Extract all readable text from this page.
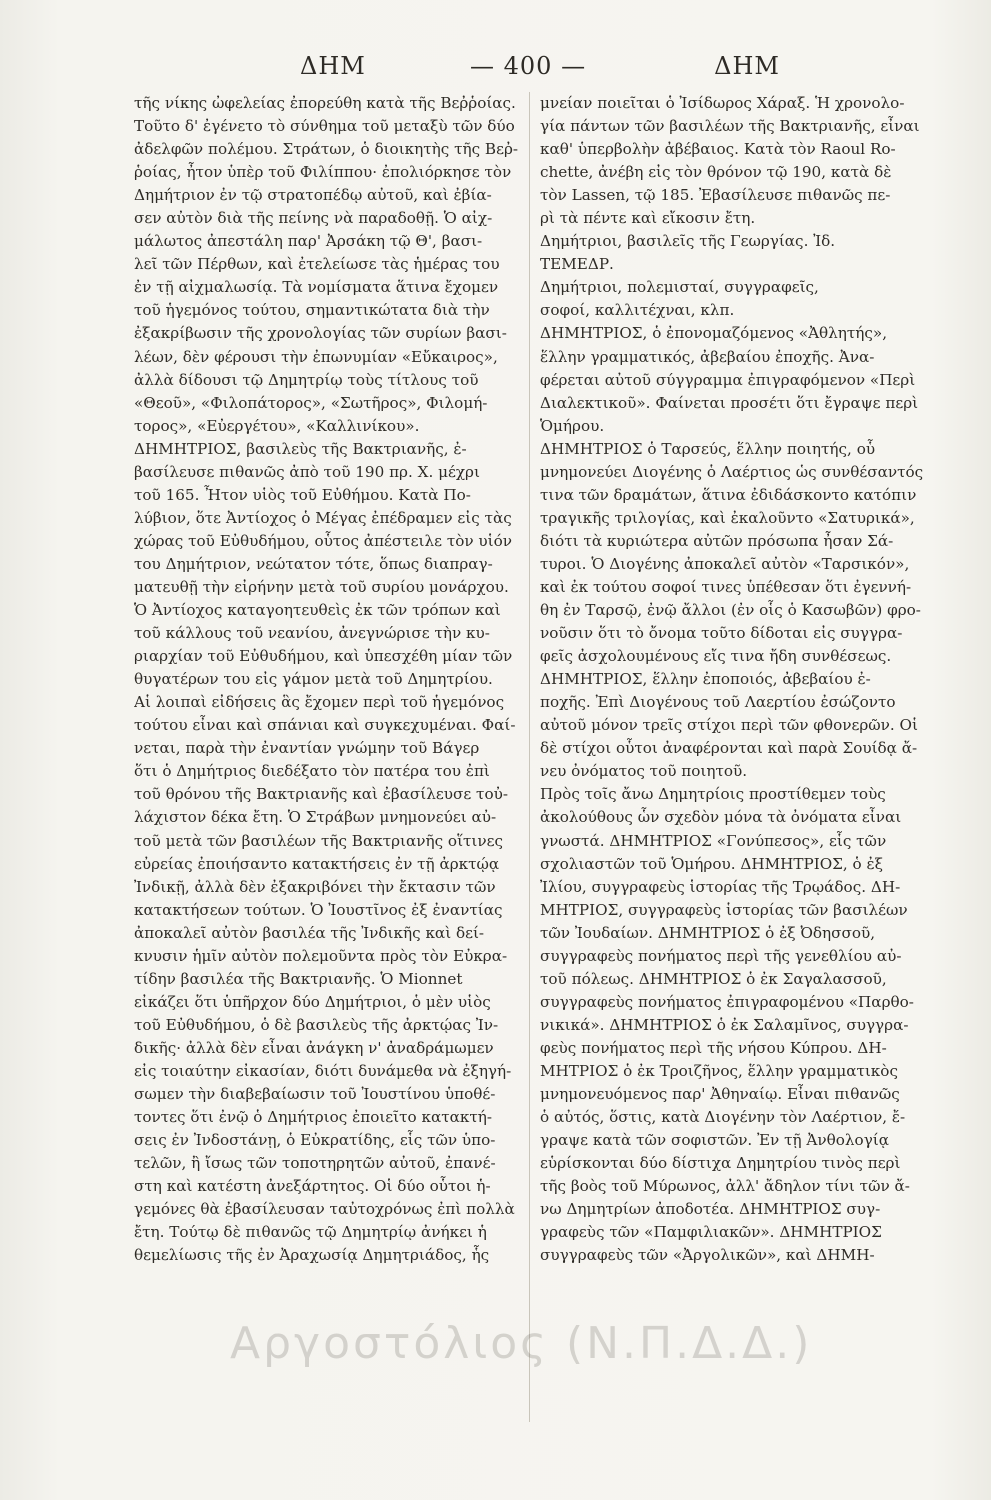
ΔΗΜ	— 400 —	ΔΗΜ
τῆς νίκης ὠφελείας ἐπορεύθη κατὰ τῆς Βεῤῥοίας.
Τοῦτο δ' ἐγένετο τὸ σύνθημα τοῦ μεταξὺ τῶν δύο
ἀδελφῶν πολέμου. Στράτων, ὁ διοικητὴς τῆς Βεῤ-
ῥοίας, ἦτον ὑπὲρ τοῦ Φιλίππου· ἐπολιόρκησε τὸν
Δημήτριον ἐν τῷ στρατοπέδῳ αὐτοῦ, καὶ ἐβία-
σεν αὐτὸν διὰ τῆς πείνης νὰ παραδοθῇ. Ὁ αἰχ-
μάλωτος ἀπεστάλη παρ' Ἀρσάκη τῷ Θ', βασι-
λεῖ τῶν Πέρθων, καὶ ἐτελείωσε τὰς ἡμέρας του
ἐν τῇ αἰχμαλωσίᾳ. Τὰ νομίσματα ἅτινα ἔχομεν
τοῦ ἡγεμόνος τούτου, σημαντικώτατα διὰ τὴν
ἐξακρίβωσιν τῆς χρονολογίας τῶν συρίων βασι-
λέων, δὲν φέρουσι τὴν ἐπωνυμίαν «Εὔκαιρος»,
ἀλλὰ δίδουσι τῷ Δημητρίῳ τοὺς τίτλους τοῦ
«Θεοῦ», «Φιλοπάτορος», «Σωτῆρος», Φιλομή-
τορος», «Εὐεργέτου», «Καλλινίκου».
ΔΗΜΗΤΡΙΟΣ, βασιλεὺς τῆς Βακτριανῆς, ἐ-
βασίλευσε πιθανῶς ἀπὸ τοῦ 190 πρ. Χ. μέχρι
τοῦ 165. Ἦτον υἱὸς τοῦ Εὐθήμου. Κατὰ Πο-
λύβιον, ὅτε Ἀντίοχος ὁ Μέγας ἐπέδραμεν εἰς τὰς
χώρας τοῦ Εὐθυδήμου, οὗτος ἀπέστειλε τὸν υἱόν
του Δημήτριον, νεώτατον τότε, ὅπως διαπραγ-
ματευθῇ τὴν εἰρήνην μετὰ τοῦ συρίου μονάρχου.
Ὁ Ἀντίοχος καταγοητευθεὶς ἐκ τῶν τρόπων καὶ
τοῦ κάλλους τοῦ νεανίου, ἀνεγνώρισε τὴν κυ-
ριαρχίαν τοῦ Εὐθυδήμου, καὶ ὑπεσχέθη μίαν τῶν
θυγατέρων του εἰς γάμον μετὰ τοῦ Δημητρίου.
Αἱ λοιπαὶ εἰδήσεις ἃς ἔχομεν περὶ τοῦ ἡγεμόνος
τούτου εἶναι καὶ σπάνιαι καὶ συγκεχυμέναι. Φαί-
νεται, παρὰ τὴν ἐναντίαν γνώμην τοῦ Βάγερ
ὅτι ὁ Δημήτριος διεδέξατο τὸν πατέρα του ἐπὶ
τοῦ θρόνου τῆς Βακτριανῆς καὶ ἐβασίλευσε τοὐ-
λάχιστον δέκα ἔτη. Ὁ Στράβων μνημονεύει αὐ-
τοῦ μετὰ τῶν βασιλέων τῆς Βακτριανῆς οἵτινες
εὐρείας ἐποιήσαντο κατακτήσεις ἐν τῇ ἀρκτῴᾳ
Ἰνδικῇ, ἀλλὰ δὲν ἐξακριβόνει τὴν ἔκτασιν τῶν
κατακτήσεων τούτων. Ὁ Ἰουστῖνος ἐξ ἐναντίας
ἀποκαλεῖ αὐτὸν βασιλέα τῆς Ἰνδικῆς καὶ δεί-
κνυσιν ἡμῖν αὐτὸν πολεμοῦντα πρὸς τὸν Εὐκρα-
τίδην βασιλέα τῆς Βακτριανῆς. Ὁ Mionnet
εἰκάζει ὅτι ὑπῆρχον δύο Δημήτριοι, ὁ μὲν υἱὸς
τοῦ Εὐθυδήμου, ὁ δὲ βασιλεὺς τῆς ἀρκτῴας Ἰν-
δικῆς· ἀλλὰ δὲν εἶναι ἀνάγκη ν' ἀναδράμωμεν
εἰς τοιαύτην εἰκασίαν, διότι δυνάμεθα νὰ ἐξηγή-
σωμεν τὴν διαβεβαίωσιν τοῦ Ἰουστίνου ὑποθέ-
τοντες ὅτι ἐνῷ ὁ Δημήτριος ἐποιεῖτο κατακτή-
σεις ἐν Ἰνδοστάνῃ, ὁ Εὐκρατίδης, εἷς τῶν ὑπο-
τελῶν, ἢ ἴσως τῶν τοποτηρητῶν αὐτοῦ, ἐπανέ-
στη καὶ κατέστη ἀνεξάρτητος. Οἱ δύο οὗτοι ἡ-
γεμόνες θὰ ἐβασίλευσαν ταὐτοχρόνως ἐπὶ πολλὰ
ἔτη. Τούτῳ δὲ πιθανῶς τῷ Δημητρίῳ ἀνήκει ἡ
θεμελίωσις τῆς ἐν Ἀραχωσίᾳ Δημητριάδος, ἧς
μνείαν ποιεῖται ὁ Ἰσίδωρος Χάραξ. Ἡ χρονολο-
γία πάντων τῶν βασιλέων τῆς Βακτριανῆς, εἶναι
καθ' ὑπερβολὴν ἀβέβαιος. Κατὰ τὸν Raoul Ro-
chette, ἀνέβη εἰς τὸν θρόνον τῷ 190, κατὰ δὲ
τὸν Lassen, τῷ 185. Ἐβασίλευσε πιθανῶς πε-
ρὶ τὰ πέντε καὶ εἴκοσιν ἔτη.
Δημήτριοι, βασιλεῖς τῆς Γεωργίας. Ἰδ.
ΤΕΜΕΔΡ.
Δημήτριοι, πολεμισταί, συγγραφεῖς,
σοφοί, καλλιτέχναι, κλπ.
ΔΗΜΗΤΡΙΟΣ, ὁ ἐπονομαζόμενος «Ἀθλητής»,
ἕλλην γραμματικός, ἀβεβαίου ἐποχῆς. Ἀνα-
φέρεται αὐτοῦ σύγγραμμα ἐπιγραφόμενον «Περὶ
Διαλεκτικοῦ». Φαίνεται προσέτι ὅτι ἔγραψε περὶ
Ὁμήρου.
ΔΗΜΗΤΡΙΟΣ ὁ Ταρσεύς, ἕλλην ποιητής, οὗ
μνημονεύει Διογένης ὁ Λαέρτιος ὡς συνθέσαντός
τινα τῶν δραμάτων, ἅτινα ἐδιδάσκοντο κατόπιν
τραγικῆς τριλογίας, καὶ ἐκαλοῦντο «Σατυρικά»,
διότι τὰ κυριώτερα αὐτῶν πρόσωπα ἦσαν Σά-
τυροι. Ὁ Διογένης ἀποκαλεῖ αὐτὸν «Ταρσικόν»,
καὶ ἐκ τούτου σοφοί τινες ὑπέθεσαν ὅτι ἐγεννή-
θη ἐν Ταρσῷ, ἐνῷ ἄλλοι (ἐν οἷς ὁ Κασωβῶν) φρο-
νοῦσιν ὅτι τὸ ὄνομα τοῦτο δίδοται εἰς συγγρα-
φεῖς ἀσχολουμένους εἴς τινα ἤδη συνθέσεως.
ΔΗΜΗΤΡΙΟΣ, ἕλλην ἐποποιός, ἀβεβαίου ἐ-
ποχῆς. Ἐπὶ Διογένους τοῦ Λαερτίου ἐσώζοντο
αὐτοῦ μόνον τρεῖς στίχοι περὶ τῶν φθονερῶν. Οἱ
δὲ στίχοι οὗτοι ἀναφέρονται καὶ παρὰ Σουίδᾳ ἄ-
νευ ὀνόματος τοῦ ποιητοῦ.
Πρὸς τοῖς ἄνω Δημητρίοις προστίθεμεν τοὺς
ἀκολούθους ὧν σχεδὸν μόνα τὰ ὀνόματα εἶναι
γνωστά. ΔΗΜΗΤΡΙΟΣ «Γονύπεσος», εἷς τῶν
σχολιαστῶν τοῦ Ὁμήρου. ΔΗΜΗΤΡΙΟΣ, ὁ ἐξ
Ἰλίου, συγγραφεὺς ἱστορίας τῆς Τρῳάδος. ΔΗ-
ΜΗΤΡΙΟΣ, συγγραφεὺς ἱστορίας τῶν βασιλέων
τῶν Ἰουδαίων. ΔΗΜΗΤΡΙΟΣ ὁ ἐξ Ὀδησσοῦ,
συγγραφεὺς πονήματος περὶ τῆς γενεθλίου αὐ-
τοῦ πόλεως. ΔΗΜΗΤΡΙΟΣ ὁ ἐκ Σαγαλασσοῦ,
συγγραφεὺς πονήματος ἐπιγραφομένου «Παρθο-
νικικά». ΔΗΜΗΤΡΙΟΣ ὁ ἐκ Σαλαμῖνος, συγγρα-
φεὺς πονήματος περὶ τῆς νήσου Κύπρου. ΔΗ-
ΜΗΤΡΙΟΣ ὁ ἐκ Τροιζῆνος, ἕλλην γραμματικὸς
μνημονευόμενος παρ' Ἀθηναίῳ. Εἶναι πιθανῶς
ὁ αὐτός, ὅστις, κατὰ Διογένην τὸν Λαέρτιον, ἔ-
γραψε κατὰ τῶν σοφιστῶν. Ἐν τῇ Ἀνθολογίᾳ
εὑρίσκονται δύο δίστιχα Δημητρίου τινὸς περὶ
τῆς βοὸς τοῦ Μύρωνος, ἀλλ' ἄδηλον τίνι τῶν ἄ-
νω Δημητρίων ἀποδοτέα. ΔΗΜΗΤΡΙΟΣ συγ-
γραφεὺς τῶν «Παμφιλιακῶν». ΔΗΜΗΤΡΙΟΣ
συγγραφεὺς τῶν «Ἀργολικῶν», καὶ ΔΗΜΗ-
Αργοστόλιος (Ν.Π.Δ.Δ.)
